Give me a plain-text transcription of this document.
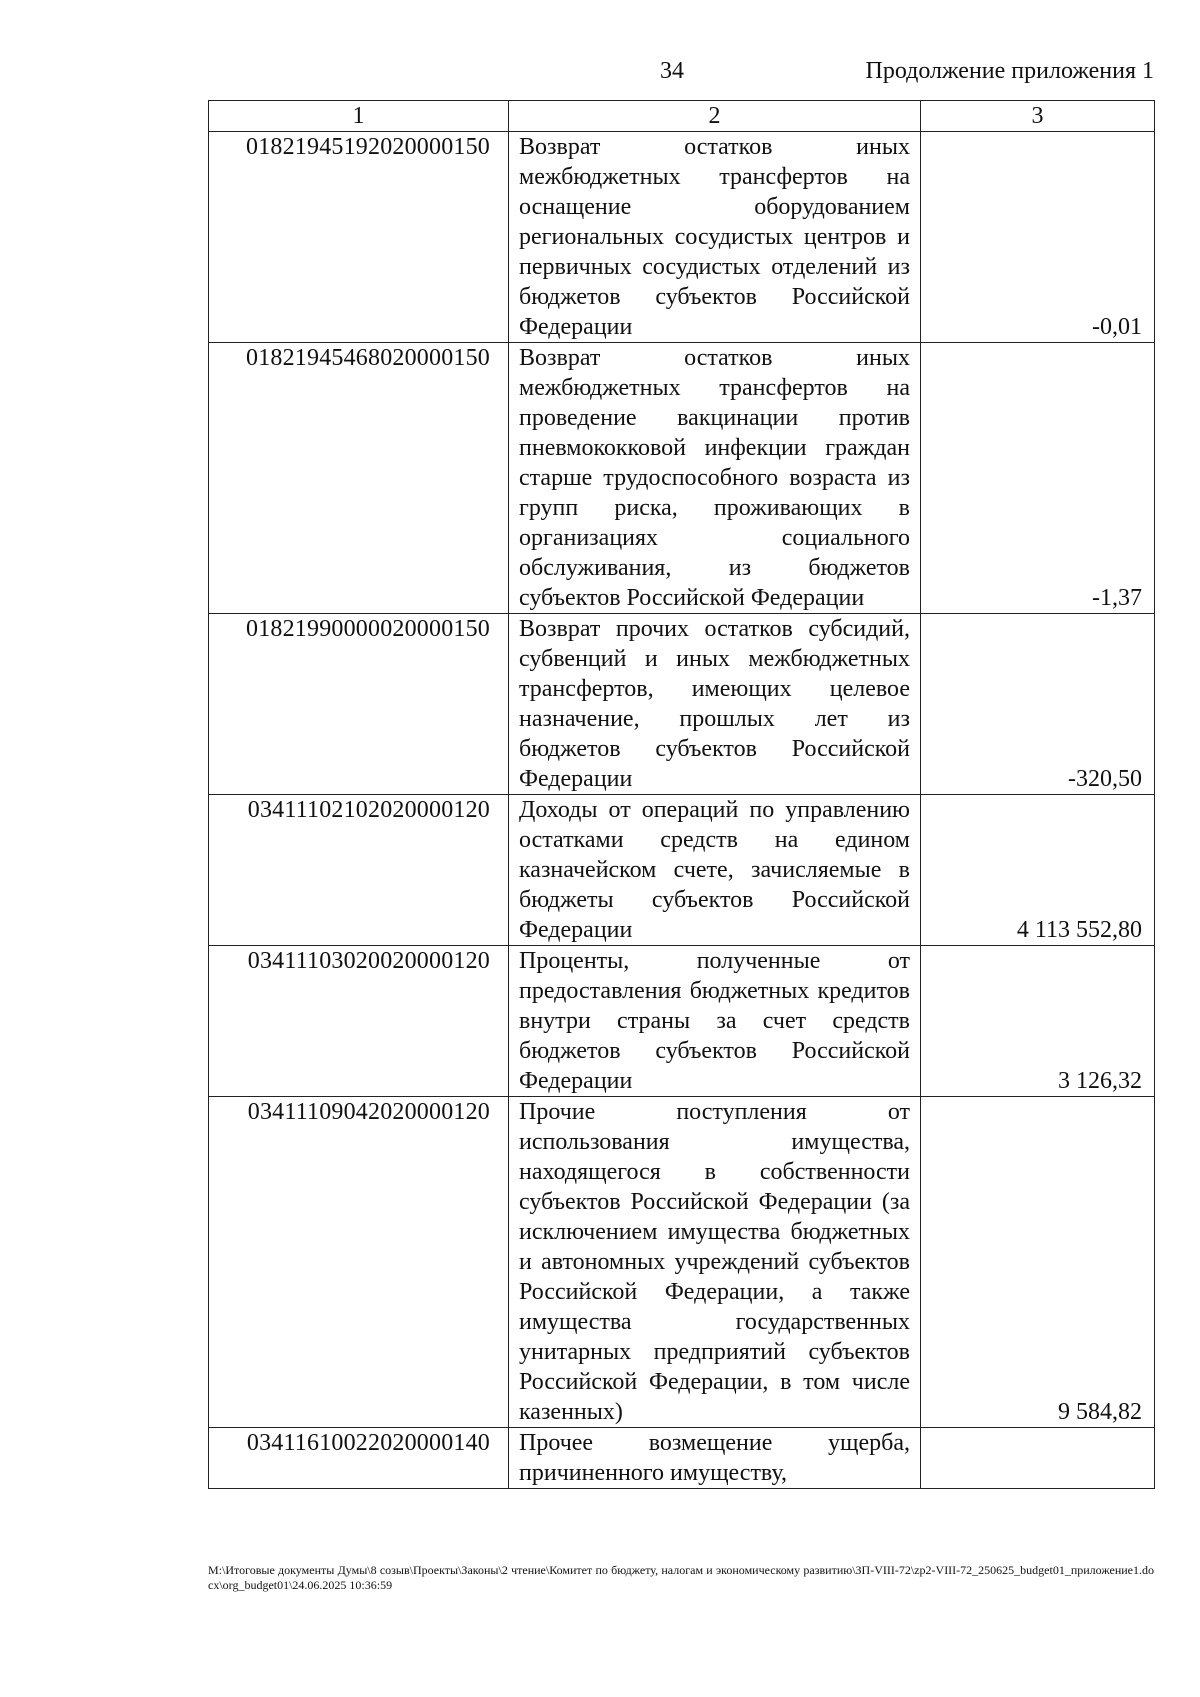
34	Продолжение приложения 1
1	2	3
01821945192020000150	Возврат остатков иных межбюджетных трансфертов на оснащение оборудованием региональных сосудистых центров и первичных сосудистых отделений из бюджетов субъектов Российской Федерации	-0,01
01821945468020000150	Возврат остатков иных межбюджетных трансфертов на проведение вакцинации против пневмококковой инфекции граждан старше трудоспособного возраста из групп риска, проживающих в организациях социального обслуживания, из бюджетов субъектов Российской Федерации	-1,37
01821990000020000150	Возврат прочих остатков субсидий, субвенций и иных межбюджетных трансфертов, имеющих целевое назначение, прошлых лет из бюджетов субъектов Российской Федерации	-320,50
03411102102020000120	Доходы от операций по управлению остатками средств на едином казначейском счете, зачисляемые в бюджеты субъектов Российской Федерации	4 113 552,80
03411103020020000120	Проценты, полученные от предоставления бюджетных кредитов внутри страны за счет средств бюджетов субъектов Российской Федерации	3 126,32
03411109042020000120	Прочие поступления от использования имущества, находящегося в собственности субъектов Российской Федерации (за исключением имущества бюджетных и автономных учреждений субъектов Российской Федерации, а также имущества государственных унитарных предприятий субъектов Российской Федерации, в том числе казенных)	9 584,82
03411610022020000140	Прочее возмещение ущерба, причиненного имуществу,	
M:\Итоговые документы Думы\8 созыв\Проекты\Законы\2 чтение\Комитет по бюджету, налогам и экономическому развитию\ЗП-VIII-72\zp2-VIII-72_250625_budget01_приложение1.docx\org_budget01\24.06.2025 10:36:59
